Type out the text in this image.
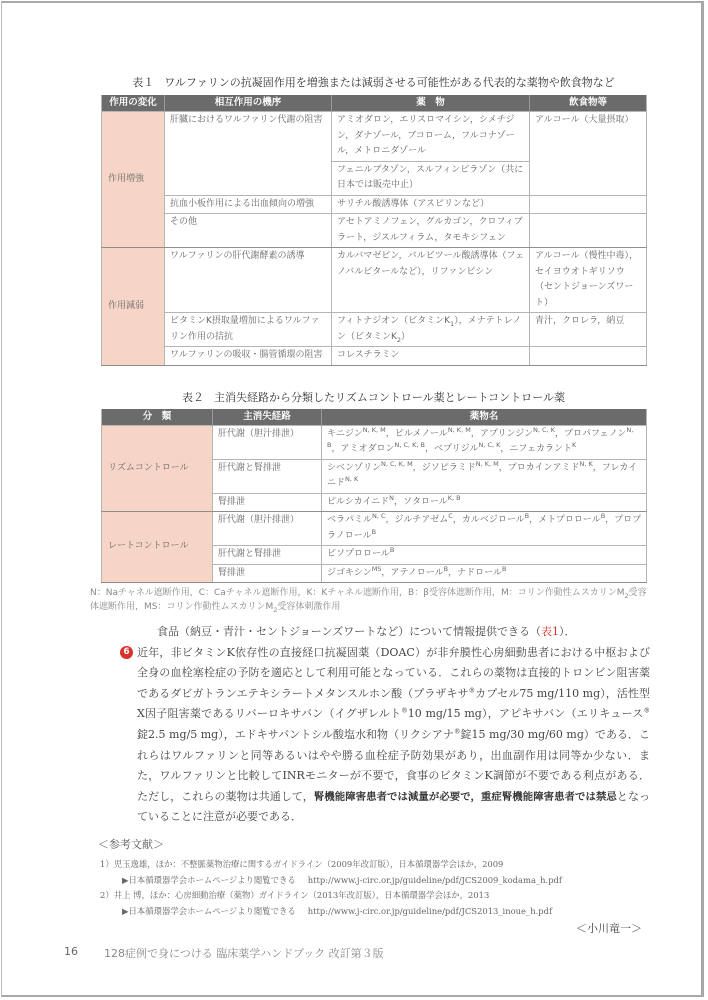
表１ ワルファリンの抗凝固作用を増強または減弱させる可能性がある代表的な薬物や飲食物など
作用の変化	相互作用の機序	薬　物	飲食物等
作用増強	肝臓におけるワルファリン代謝の阻害	アミオダロン，エリスロマイシン，シメチジン，ダナゾール，ブコローム，フルコナゾール，メトロニダゾール	アルコール（大量摂取）
		フェニルブタゾン，スルフィンピラゾン（共に日本では販売中止）	
	抗血小板作用による出血傾向の増強	サリチル酸誘導体（アスピリンなど）	
	その他	アセトアミノフェン，グルカゴン，クロフィブラート，ジスルフィラム，タモキシフェン	
作用減弱	ワルファリンの肝代謝酵素の誘導	カルバマゼピン，バルビツール酸誘導体（フェノバルビタールなど），リファンピシン	アルコール（慢性中毒），セイヨウオトギリソウ（セントジョーンズワート）
	ビタミンK摂取量増加によるワルファリン作用の拮抗	フィトナジオン（ビタミン$K_1$），メナテトレノン（ビタミン$K_2$）	青汁，クロレラ，納豆
	ワルファリンの吸収・腸管循環の阻害	コレスチラミン	
表２ 主消失経路から分類したリズムコントロール薬とレートコントロール薬
分　類	主消失経路	薬物名
リズムコントロール	肝代謝（胆汁排泄）	キニジン$^{N, K, M}$，ピルメノール$^{N, K, M}$，アプリンジン$^{N, C, K}$，プロパフェノン$^{N, B}$，アミオダロン$^{N, C, K, B}$，ベプリジル$^{N, C, K}$，ニフェカラント$^K$
	肝代謝と腎排泄	シベンゾリン$^{N, C, K, M}$，ジソピラミド$^{N, K, M}$，プロカインアミド$^{N, K}$，フレカイニド$^{N, K}$
	腎排泄	ピルシカイニド$^N$，ソタロール$^{K, B}$
レートコントロール	肝代謝（胆汁排泄）	ベラパミル$^{N, C}$，ジルチアゼム$^C$，カルベジロール$^B$，メトプロロール$^B$，プロプラノロール$^B$
	肝代謝と腎排泄	ビソプロロール$^B$
	腎排泄	ジゴキシン$^{MS}$，アテノロール$^B$，ナドロール$^B$
N：Naチャネル遮断作用，C：Caチャネル遮断作用，K：Kチャネル遮断作用，B：β受容体遮断作用，M：コリン作動性ムスカリン$M_2$受容体遮断作用，MS：コリン作動性ムスカリン$M_2$受容体刺激作用
食品（納豆・青汁・セントジョーンズワートなど）について情報提供できる（表1）．
6 近年，非ビタミンK依存性の直接経口抗凝固薬（DOAC）が非弁膜性心房細動患者における中枢および全身の血栓塞栓症の予防を適応として利用可能となっている．これらの薬物は直接的トロンビン阻害薬であるダビガトランエテキシラートメタンスルホン酸（プラザキサ®カプセル75 mg/110 mg），活性型X因子阻害薬であるリバーロキサバン（イグザレルト®10 mg/15 mg），アピキサバン（エリキュース®錠2.5 mg/5 mg），エドキサバントシル酸塩水和物（リクシアナ®錠15 mg/30 mg/60 mg）である．これらはワルファリンと同等あるいはやや勝る血栓症予防効果があり，出血副作用は同等か少ない．また，ワルファリンと比較してINRモニターが不要で，食事のビタミンK調節が不要である利点がある．ただし，これらの薬物は共通して，腎機能障害患者では減量が必要で，重症腎機能障害患者では禁忌となっていることに注意が必要である．
＜参考文献＞
1）児玉逸雄，ほか：不整脈薬物治療に関するガイドライン（2009年改訂版），日本循環器学会ほか，2009
▶日本循環器学会ホームページより閲覧できる http://www.j-circ.or.jp/guideline/pdf/JCS2009_kodama_h.pdf
2）井上 博，ほか：心房細動治療（薬物）ガイドライン（2013年改訂版），日本循環器学会ほか，2013
▶日本循環器学会ホームページより閲覧できる http://www.j-circ.or.jp/guideline/pdf/JCS2013_inoue_h.pdf
＜小川竜一＞
16 128症例で身につける 臨床薬学ハンドブック 改訂第３版
